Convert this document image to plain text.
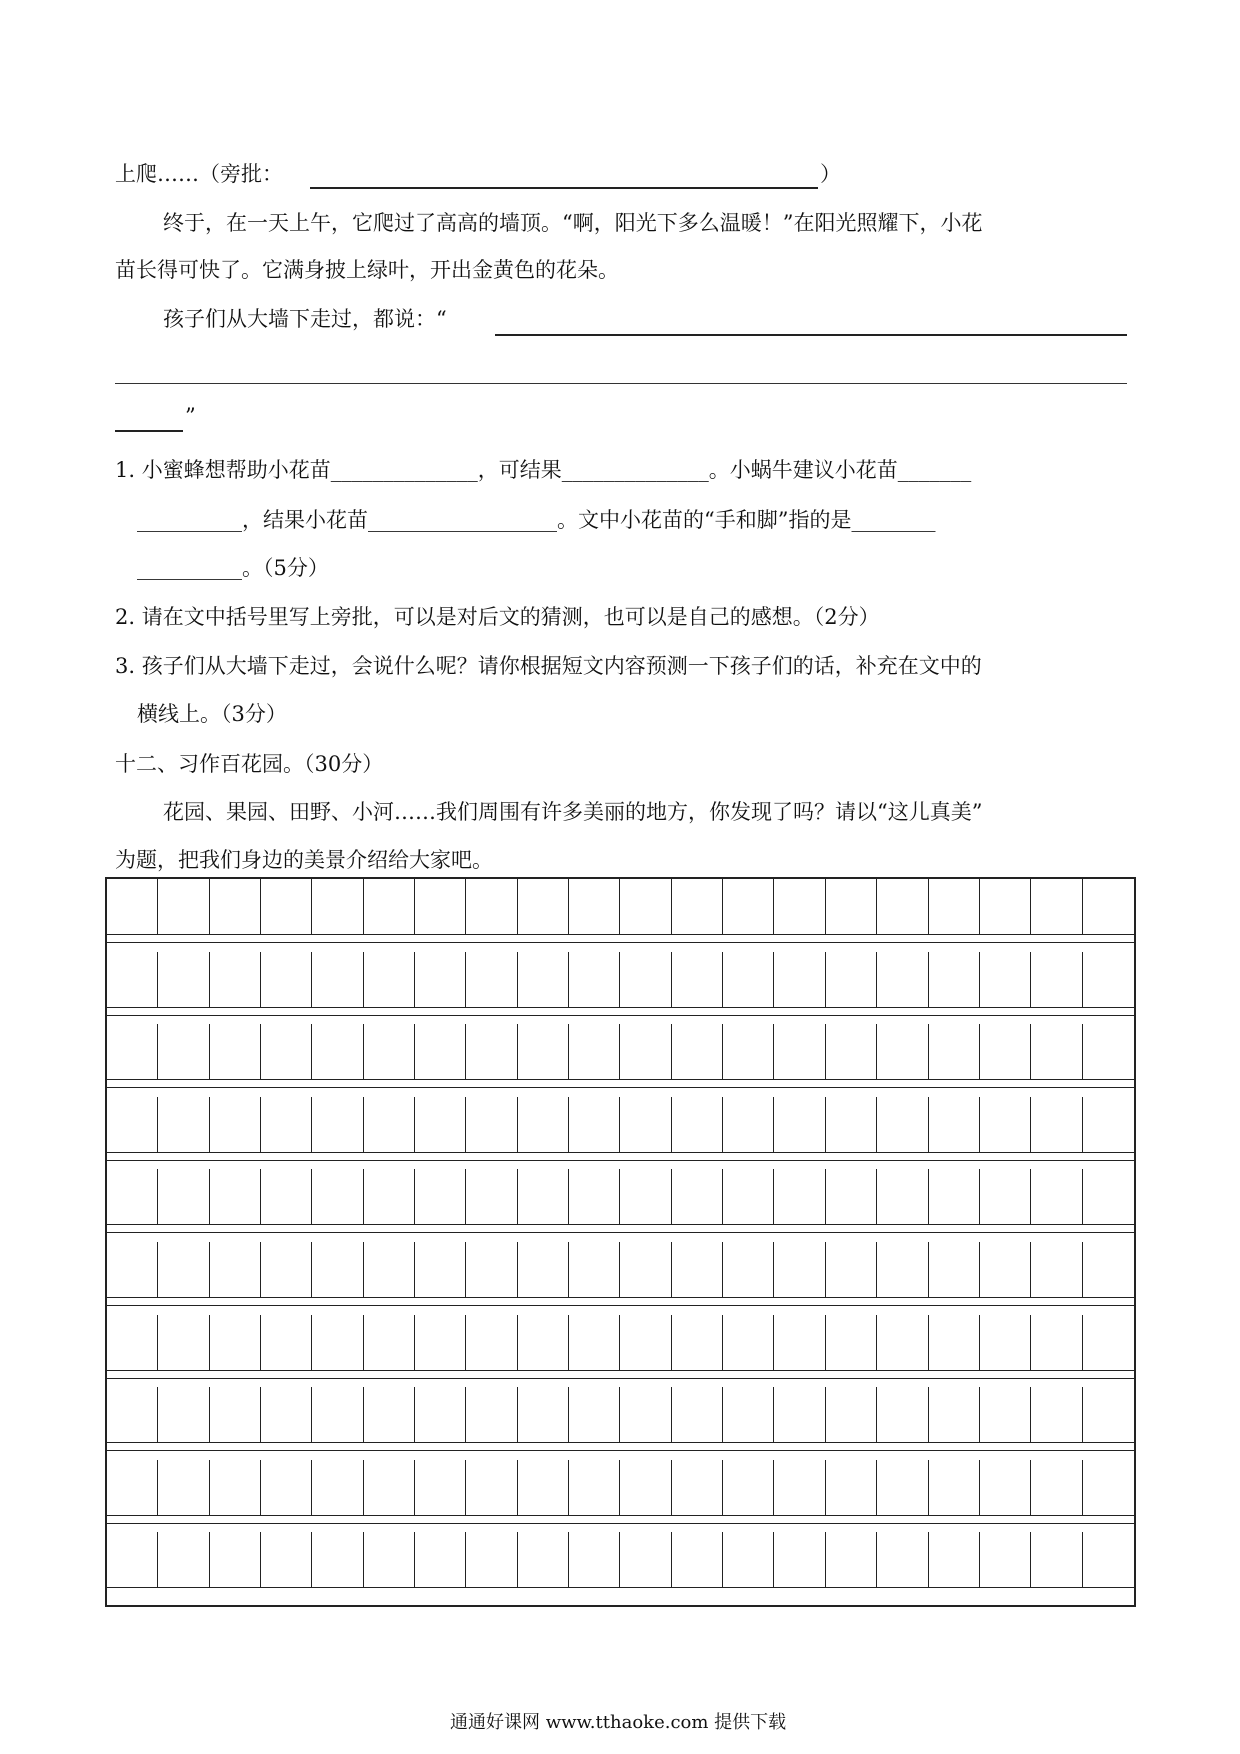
上爬……（旁批：	）
终于，在一天上午，它爬过了高高的墙顶。“啊，阳光下多么温暖！”在阳光照耀下，小花
苗长得可快了。它满身披上绿叶，开出金黄色的花朵。
孩子们从大墙下走过，都说：“
”
1. 小蜜蜂想帮助小花苗______________，可结果______________。小蜗牛建议小花苗_______
__________，结果小花苗__________________。文中小花苗的“手和脚”指的是________
__________。（5分）
2. 请在文中括号里写上旁批，可以是对后文的猜测，也可以是自己的感想。（2分）
3. 孩子们从大墙下走过，会说什么呢？请你根据短文内容预测一下孩子们的话，补充在文中的
横线上。（3分）
十二、习作百花园。（30分）
花园、果园、田野、小河……我们周围有许多美丽的地方，你发现了吗？请以“这儿真美”
为题，把我们身边的美景介绍给大家吧。
通通好课网 www.tthaoke.com 提供下载
